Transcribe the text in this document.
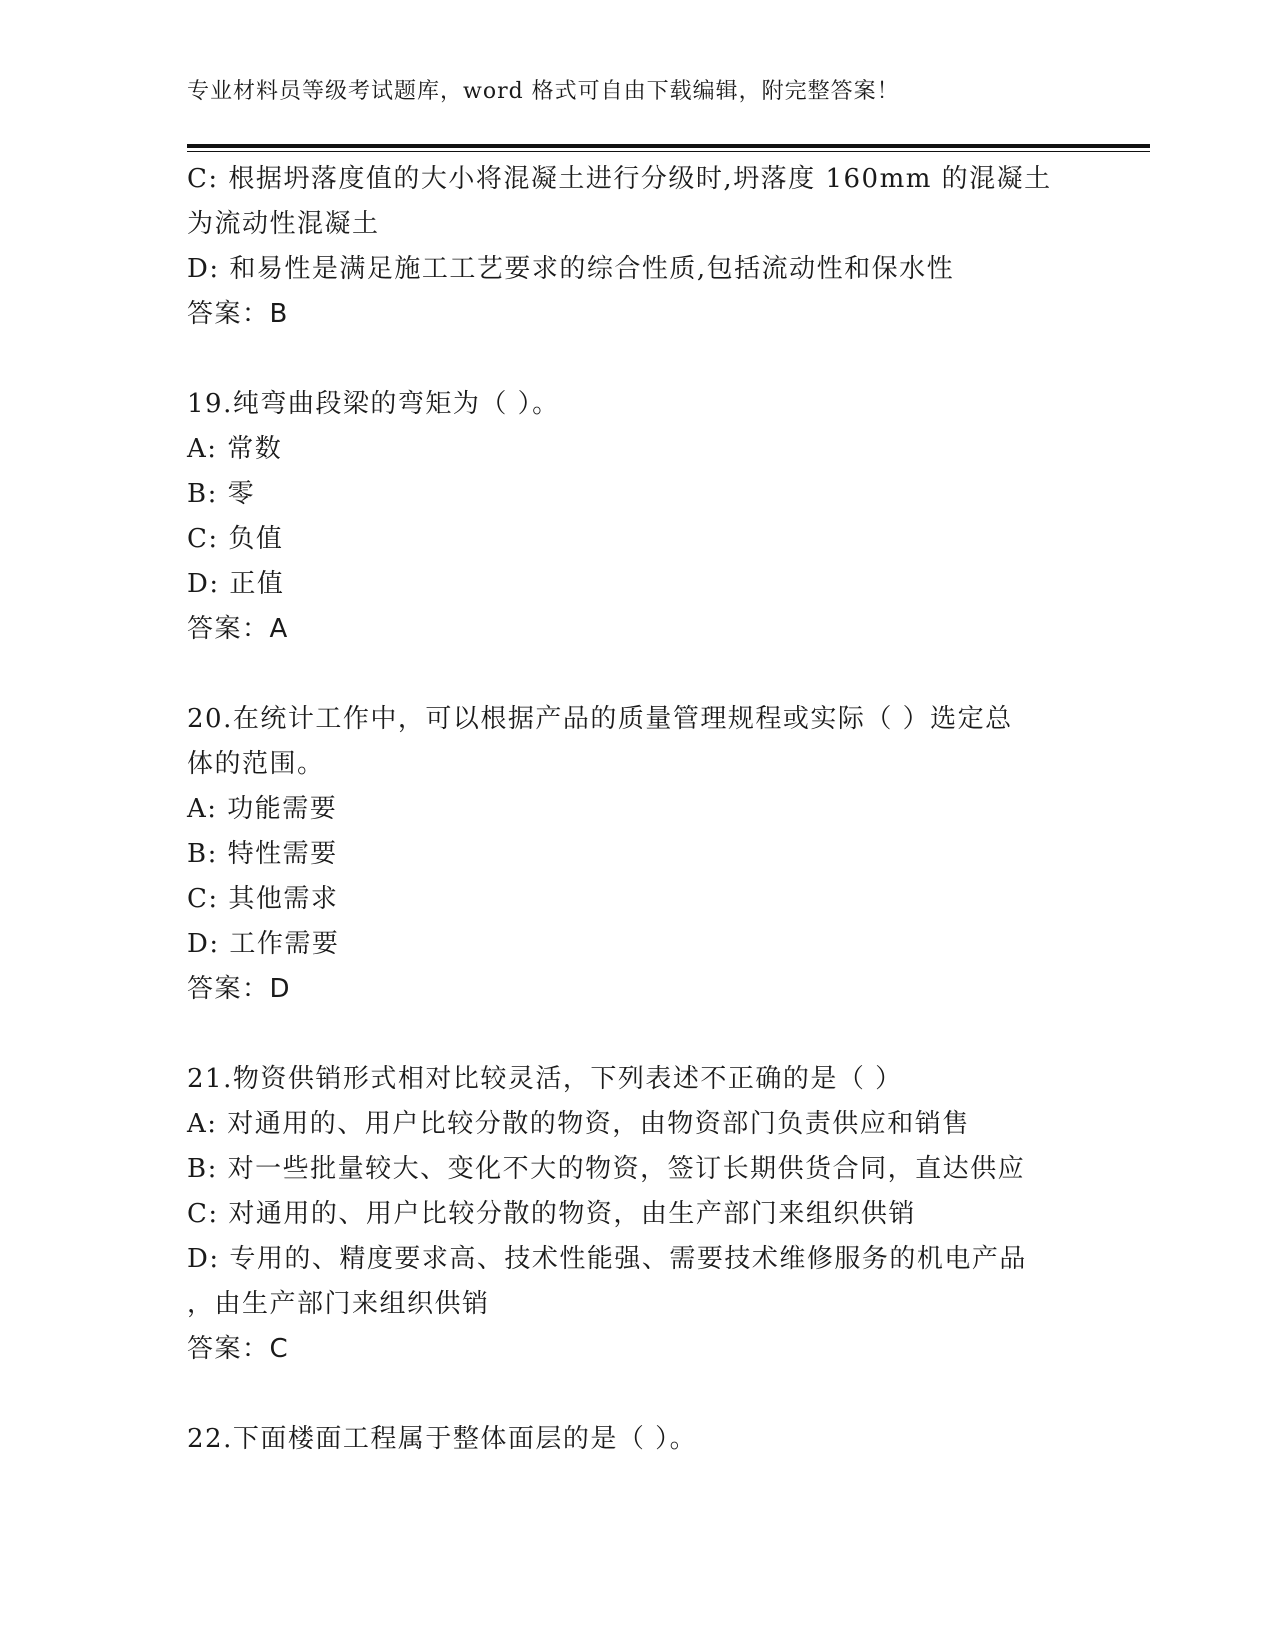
专业材料员等级考试题库，word 格式可自由下载编辑，附完整答案！
C: 根据坍落度值的大小将混凝土进行分级时,坍落度 160mm 的混凝土
为流动性混凝土
D: 和易性是满足施工工艺要求的综合性质,包括流动性和保水性
答案：B
19.纯弯曲段梁的弯矩为（ ）。
A: 常数
B: 零
C: 负值
D: 正值
答案：A
20.在统计工作中，可以根据产品的质量管理规程或实际（ ）选定总
体的范围。
A: 功能需要
B: 特性需要
C: 其他需求
D: 工作需要
答案：D
21.物资供销形式相对比较灵活，下列表述不正确的是（ ）
A: 对通用的、用户比较分散的物资，由物资部门负责供应和销售
B: 对一些批量较大、变化不大的物资，签订长期供货合同，直达供应
C: 对通用的、用户比较分散的物资，由生产部门来组织供销
D: 专用的、精度要求高、技术性能强、需要技术维修服务的机电产品
，由生产部门来组织供销
答案：C
22.下面楼面工程属于整体面层的是（ ）。
